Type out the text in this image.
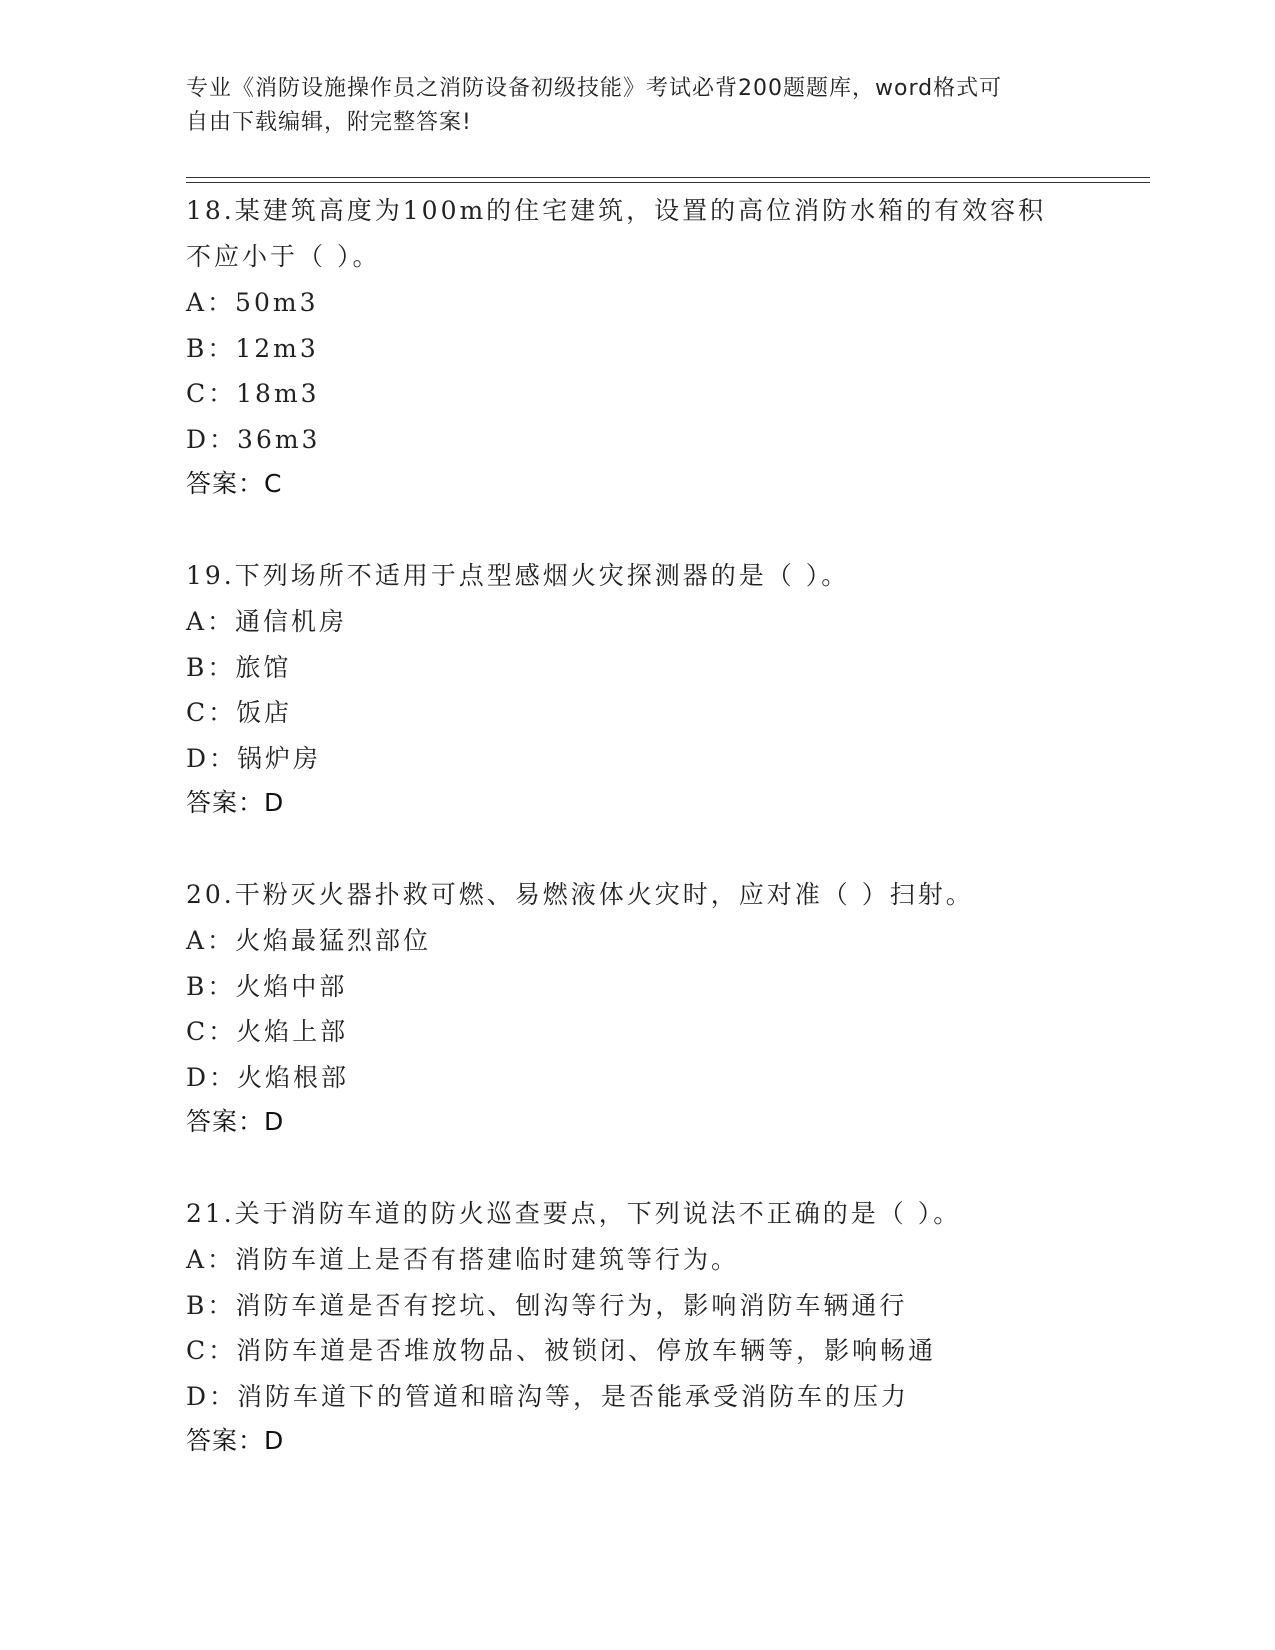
专业《消防设施操作员之消防设备初级技能》考试必背200题题库，word格式可
自由下载编辑，附完整答案!
18.某建筑高度为100m的住宅建筑，设置的高位消防水箱的有效容积
不应小于（ ）。
A：50m3
B：12m3
C：18m3
D：36m3
答案：C
19.下列场所不适用于点型感烟火灾探测器的是（ ）。
A：通信机房
B：旅馆
C：饭店
D：锅炉房
答案：D
20.干粉灭火器扑救可燃、易燃液体火灾时，应对准（ ）扫射。
A：火焰最猛烈部位
B：火焰中部
C：火焰上部
D：火焰根部
答案：D
21.关于消防车道的防火巡查要点，下列说法不正确的是（ ）。
A：消防车道上是否有搭建临时建筑等行为。
B：消防车道是否有挖坑、刨沟等行为，影响消防车辆通行
C：消防车道是否堆放物品、被锁闭、停放车辆等，影响畅通
D：消防车道下的管道和暗沟等，是否能承受消防车的压力
答案：D
